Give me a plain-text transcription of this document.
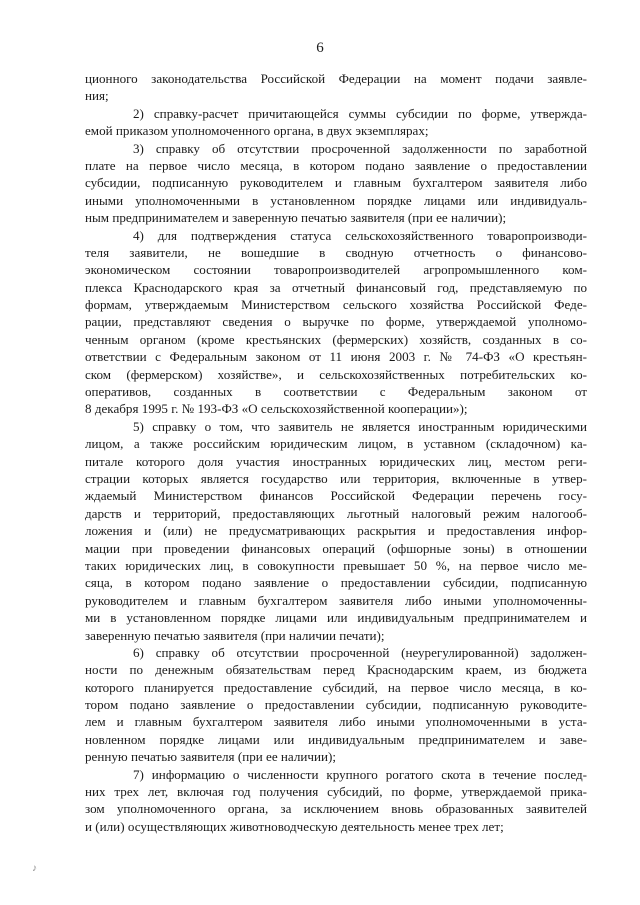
6
ционного законодательства Российской Федерации на момент подачи заявле-
ния;
2) справку-расчет причитающейся суммы субсидии по форме, утвержда-
емой приказом уполномоченного органа, в двух экземплярах;
3) справку об отсутствии просроченной задолженности по заработной
плате на первое число месяца, в котором подано заявление о предоставлении
субсидии, подписанную руководителем и главным бухгалтером заявителя либо
иными уполномоченными в установленном порядке лицами или индивидуаль-
ным предпринимателем и заверенную печатью заявителя (при ее наличии);
4) для подтверждения статуса сельскохозяйственного товаропроизводи-
теля заявители, не вошедшие в сводную отчетность о финансово-
экономическом состоянии товаропроизводителей агропромышленного ком-
плекса Краснодарского края за отчетный финансовый год, представляемую по
формам, утверждаемым Министерством сельского хозяйства Российской Феде-
рации, представляют сведения о выручке по форме, утверждаемой уполномо-
ченным органом (кроме крестьянских (фермерских) хозяйств, созданных в со-
ответствии с Федеральным законом от 11 июня 2003 г. № 74-ФЗ «О крестьян-
ском (фермерском) хозяйстве», и сельскохозяйственных потребительских ко-
оперативов, созданных в соответствии с Федеральным законом от
8 декабря 1995 г. № 193-ФЗ «О сельскохозяйственной кооперации»);
5) справку о том, что заявитель не является иностранным юридическими
лицом, а также российским юридическим лицом, в уставном (складочном) ка-
питале которого доля участия иностранных юридических лиц, местом реги-
страции которых является государство или территория, включенные в утвер-
ждаемый Министерством финансов Российской Федерации перечень госу-
дарств и территорий, предоставляющих льготный налоговый режим налогооб-
ложения и (или) не предусматривающих раскрытия и предоставления инфор-
мации при проведении финансовых операций (офшорные зоны) в отношении
таких юридических лиц, в совокупности превышает 50 %, на первое число ме-
сяца, в котором подано заявление о предоставлении субсидии, подписанную
руководителем и главным бухгалтером заявителя либо иными уполномоченны-
ми в установленном порядке лицами или индивидуальным предпринимателем и
заверенную печатью заявителя (при наличии печати);
6) справку об отсутствии просроченной (неурегулированной) задолжен-
ности по денежным обязательствам перед Краснодарским краем, из бюджета
которого планируется предоставление субсидий, на первое число месяца, в ко-
тором подано заявление о предоставлении субсидии, подписанную руководите-
лем и главным бухгалтером заявителя либо иными уполномоченными в уста-
новленном порядке лицами или индивидуальным предпринимателем и заве-
ренную печатью заявителя (при ее наличии);
7) информацию о численности крупного рогатого скота в течение послед-
них трех лет, включая год получения субсидий, по форме, утверждаемой прика-
зом уполномоченного органа, за исключением вновь образованных заявителей
и (или) осуществляющих животноводческую деятельность менее трех лет;
♪
